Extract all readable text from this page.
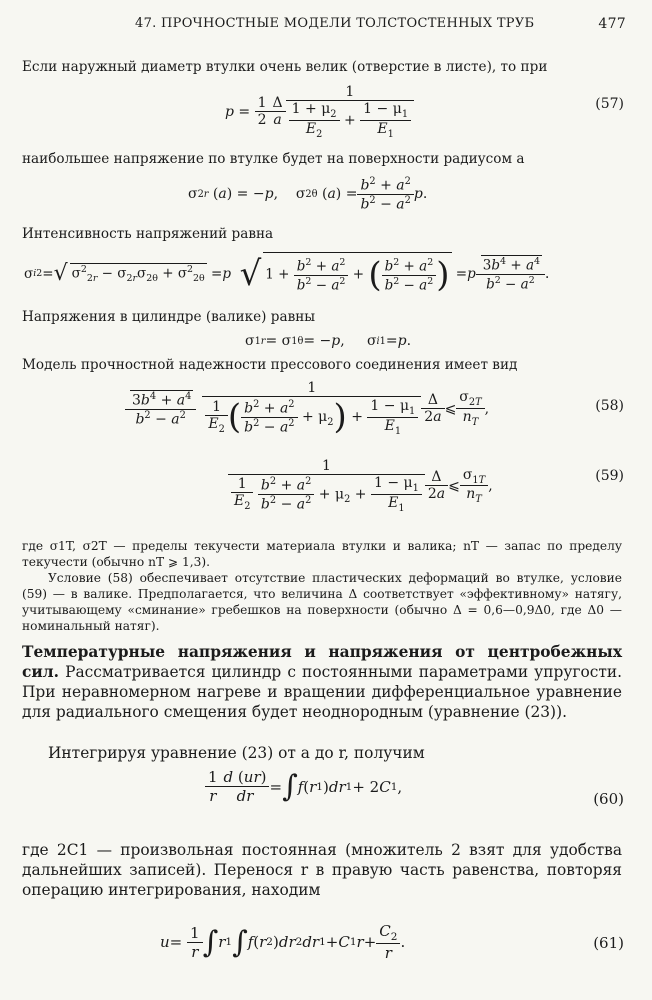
47. ПРОЧНОСТНЫЕ МОДЕЛИ ТОЛСТОСТЕННЫХ ТРУБ	477
Если наружный диаметр втулки очень велик (отверстие в листе), то при
$p = \frac{1}{2} \frac{\Delta}{a} \frac{1}{\frac{1 + \mu_2}{E_2} + \frac{1 - \mu_1}{E_1}}$	(57)
наибольшее напряжение по втулке будет на поверхности радиусом a
σ 2r ( a ) = − p ,    σ 2θ ( a ) = $\frac{b^2 + a^2}{b^2 - a^2}$ p .
Интенсивность напряжений равна
σ i2 = √ $\sigma^2_{2r} - \sigma_{2r}\sigma_{2\theta} + \sigma^2_{2\theta} = p$
√ $1 + \frac{b^2 + a^2}{b^2 - a^2}$ + ( $\frac{b^2 + a^2}{b^2 - a^2}$ ) = p $\frac{3b^4 + a^4}{b^2 - a^2}$ .
Напряжения в цилиндре (валике) равны
σ 1r = σ 1θ = − p ,     σ i1 = p .
Модель прочностной надежности прессового соединения имеет вид
$\frac{3b^4 + a^4}{b^2 - a^2} \frac{1}{\frac{1}{E_2} ( \frac{b^2 + a^2}{b^2 - a^2} + \mu_2) + \frac{1 - \mu_1}{E_1}} \frac{\Delta}{2a}$ ⩽ $\frac{\sigma_{2T}}{n_T}$ ,	(58)
1
$\frac{1}{E_2}$
$\frac{b^2 + a^2}{b^2 - a^2} + \mu_2 + \frac{1 - \mu_1}{E_1} \frac{\Delta}{2a}$ ⩽ $\frac{\sigma_{1T}}{n_T}$ ,
(59)
где σ1T, σ2T — пределы текучести материала втулки и валика; nT — запас по пределу текучести (обычно nT ⩾ 1,3).
Условие (58) обеспечивает отсутствие пластических деформаций во втулке, условие (59) — в валике. Предполагается, что величина Δ соответствует «эффективному» натягу, учитывающему «сминание» гребешков на поверхности (обычно Δ = 0,6—0,9Δ0, где Δ0 — номинальный натяг).
Температурные напряжения и напряжения от центробежных сил. Рассматривается цилиндр с постоянными параметрами упругости. При неравномерном нагреве и вращении дифференциальное уравнение для радиального смещения будет неоднородным (уравнение (23)).
Интегрируя уравнение (23) от a до r, получим
$\frac{1}{r} \frac{d (ur)}{dr}$ = ∫ f ( r 1 ) dr 1 + 2 C 1 ,
(60)
где 2C1 — произвольная постоянная (множитель 2 взят для удобства дальнейших записей). Перенося r в правую часть равенства, повторяя операцию интегрирования, находим
$u = \frac{1}{r}$ ∫ r 1 ∫ f ( r 2 ) dr 2 dr 1 + C 1 $r + \frac{C_2}{r}$ .	(61)
